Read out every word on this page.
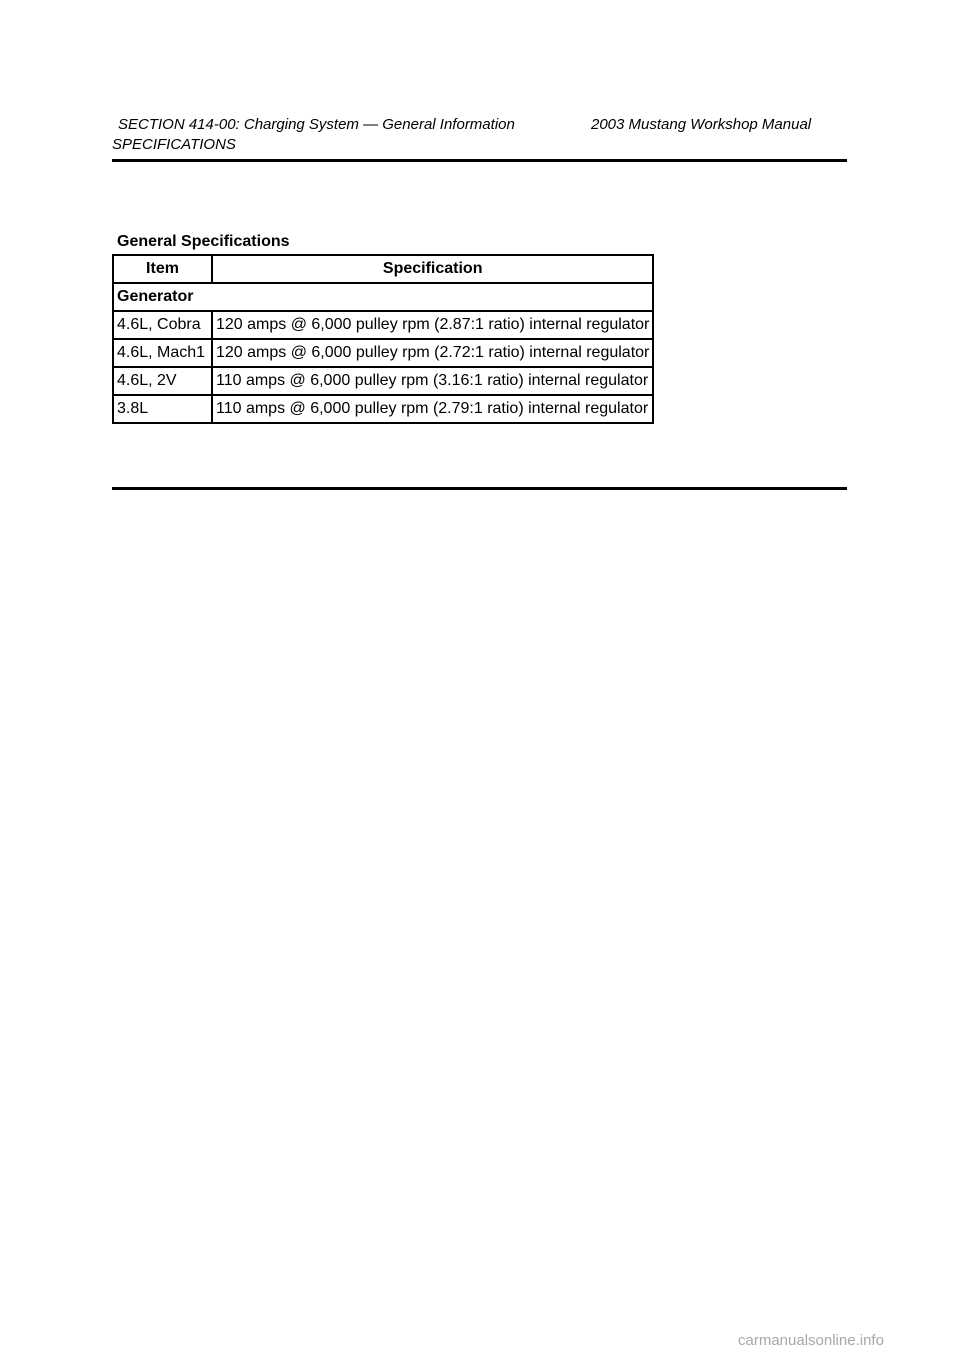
SECTION 414-00: Charging System — General Information	2003 Mustang Workshop Manual
SPECIFICATIONS
General Specifications
Item	Specification
Generator	
4.6L, Cobra	120 amps @ 6,000 pulley rpm (2.87:1 ratio) internal regulator
4.6L, Mach1	120 amps @ 6,000 pulley rpm (2.72:1 ratio) internal regulator
4.6L, 2V	110 amps @ 6,000 pulley rpm (3.16:1 ratio) internal regulator
3.8L	110 amps @ 6,000 pulley rpm (2.79:1 ratio) internal regulator
carmanualsonline.info
